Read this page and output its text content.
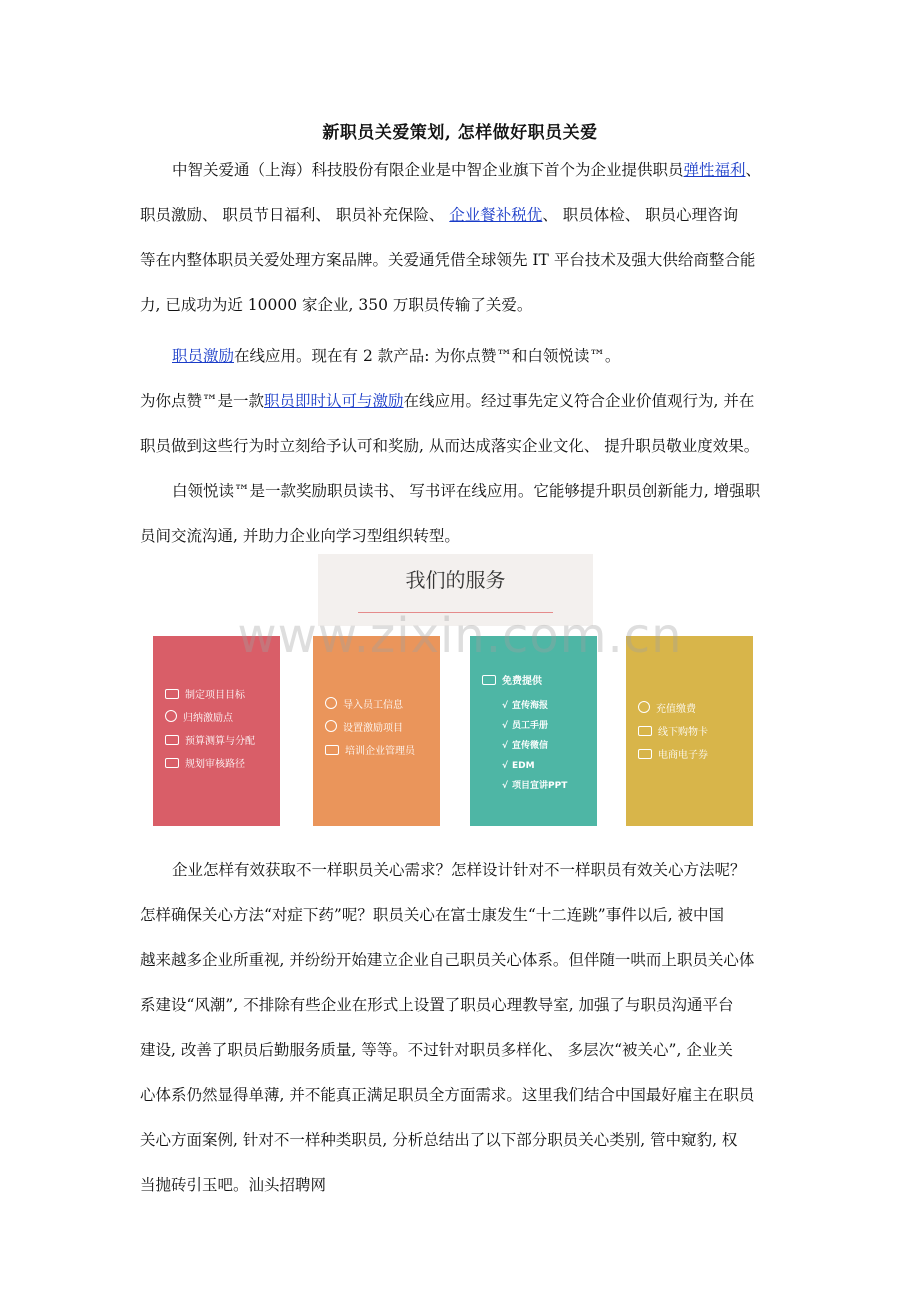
新职员关爱策划, 怎样做好职员关爱
中智关爱通（上海）科技股份有限企业是中智企业旗下首个为企业提供职员弹性福利、
职员激励、 职员节日福利、 职员补充保险、 企业餐补税优、 职员体检、 职员心理咨询
等在内整体职员关爱处理方案品牌。关爱通凭借全球领先 IT 平台技术及强大供给商整合能
力, 已成功为近 10000 家企业, 350 万职员传输了关爱。
职员激励在线应用。现在有 2 款产品: 为你点赞™和白领悦读™。
为你点赞™是一款职员即时认可与激励在线应用。经过事先定义符合企业价值观行为, 并在
职员做到这些行为时立刻给予认可和奖励, 从而达成落实企业文化、 提升职员敬业度效果。
白领悦读™是一款奖励职员读书、 写书评在线应用。它能够提升职员创新能力, 增强职
员间交流沟通, 并助力企业向学习型组织转型。
我们的服务
制定项目目标
归纳激励点
预算测算与分配
规划审核路径
导入员工信息
设置激励项目
培训企业管理员
免费提供
√ 宣传海报
√ 员工手册
√ 宣传微信
√ EDM
√ 项目宣讲PPT
充值缴费
线下购物卡
电商电子券
www.zixin.com.cn
企业怎样有效获取不一样职员关心需求？怎样设计针对不一样职员有效关心方法呢？
怎样确保关心方法“对症下药”呢？职员关心在富士康发生“十二连跳”事件以后, 被中国
越来越多企业所重视, 并纷纷开始建立企业自己职员关心体系。但伴随一哄而上职员关心体
系建设“风潮”, 不排除有些企业在形式上设置了职员心理教导室, 加强了与职员沟通平台
建设, 改善了职员后勤服务质量, 等等。不过针对职员多样化、 多层次“被关心”, 企业关
心体系仍然显得单薄, 并不能真正满足职员全方面需求。这里我们结合中国最好雇主在职员
关心方面案例, 针对不一样种类职员, 分析总结出了以下部分职员关心类别, 管中窥豹, 权
当抛砖引玉吧。汕头招聘网
